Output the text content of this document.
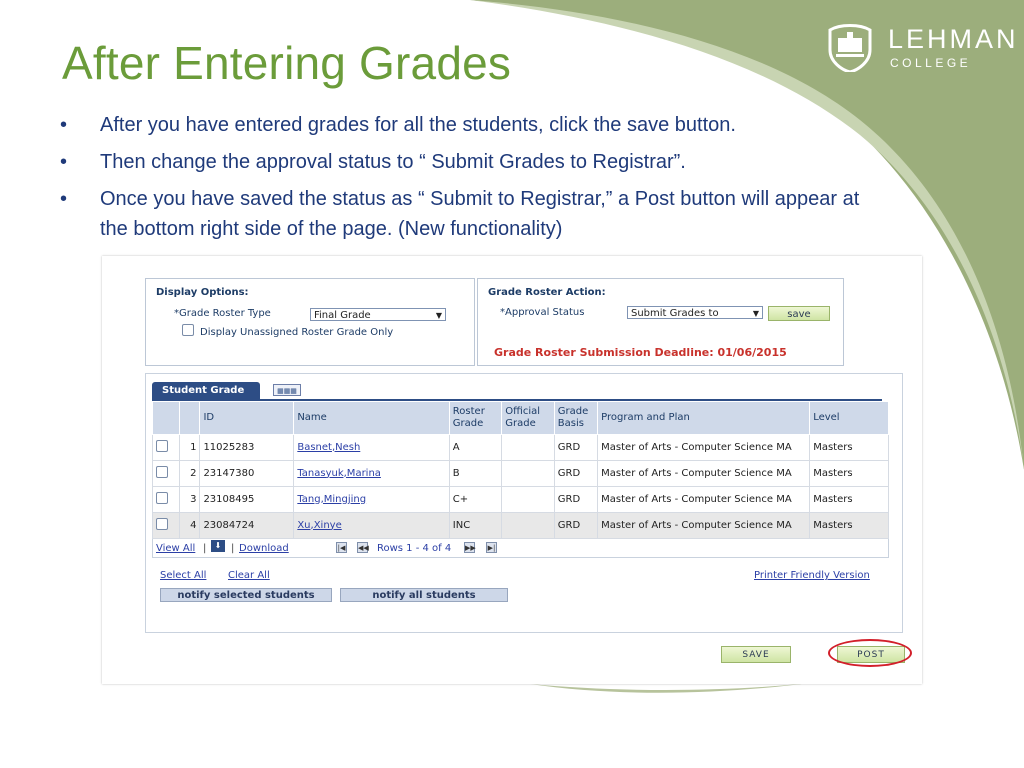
LEHMAN
COLLEGE
After Entering Grades
• After you have entered grades for all the students, click the save button.
• Then change the approval status to “ Submit Grades to Registrar”.
• Once you have saved the status as “ Submit to Registrar,” a Post button will appear at the bottom right side of the page. (New functionality)
Display Options:
*Grade Roster Type	Final Grade	▼
Display Unassigned Roster Grade Only
Grade Roster Action:
*Approval Status	Submit Grades to	▼	save
Grade Roster Submission Deadline: 01/06/2015
Student Grade	▦▦▦
		ID	Name	Roster Grade	Official Grade	Grade Basis	Program and Plan	Level
	1	11025283	Basnet,Nesh	A		GRD	Master of Arts - Computer Science MA	Masters
	2	23147380	Tanasyuk,Marina	B		GRD	Master of Arts - Computer Science MA	Masters
	3	23108495	Tang,Mingjing	C+		GRD	Master of Arts - Computer Science MA	Masters
	4	23084724	Xu,Xinye	INC		GRD	Master of Arts - Computer Science MA	Masters
View All |	⬇ | Download	|◀ ◀◀ Rows 1 - 4 of 4 ▶▶ ▶|
Select All Clear All	Printer Friendly Version
notify selected students	notify all students
SAVE	POST
